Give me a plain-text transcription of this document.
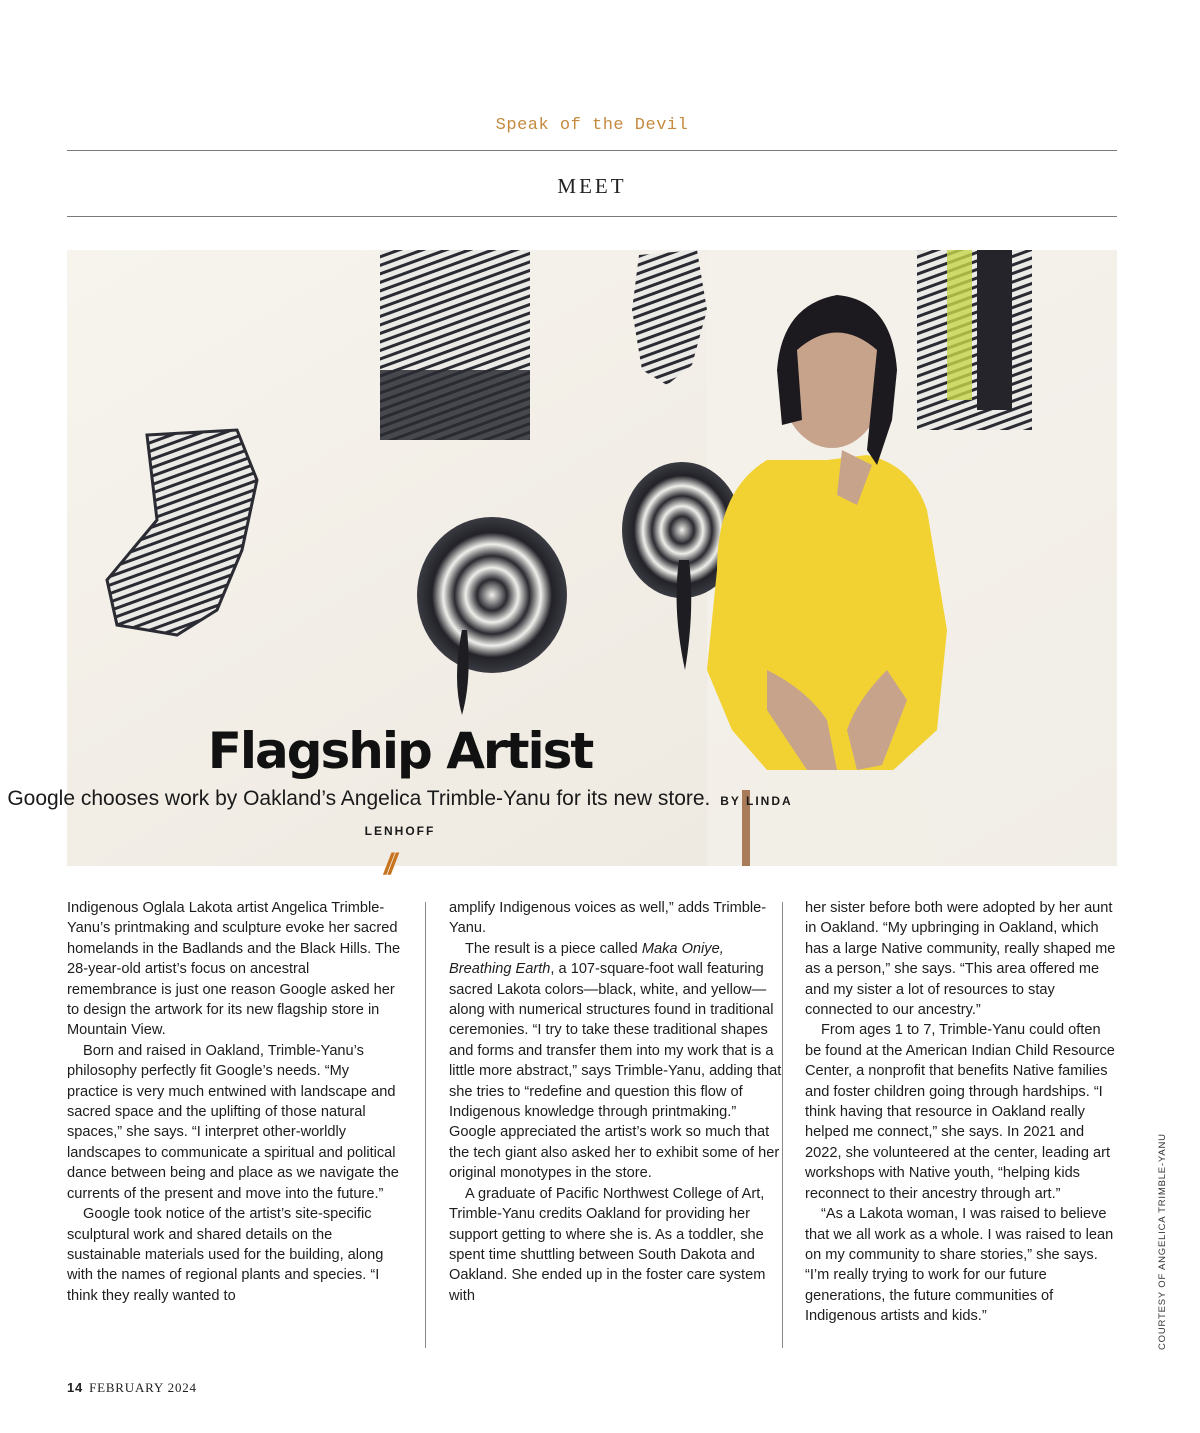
Speak of the Devil
MEET
Flagship Artist
Google chooses work by Oakland’s Angelica Trimble-Yanu for its new store. BY LINDA LENHOFF
//

Indigenous Oglala Lakota artist Angelica Trimble-Yanu’s printmaking and sculpture evoke her sacred homelands in the Badlands and the Black Hills. The 28-year-old artist’s focus on ancestral remembrance is just one reason Google asked her to design the artwork for its new flagship store in Mountain View.

Born and raised in Oakland, Trimble-Yanu’s philosophy perfectly fit Google’s needs. “My practice is very much entwined with landscape and sacred space and the uplifting of those natural spaces,” she says. “I interpret other-worldly landscapes to communicate a spiritual and political dance between being and place as we navigate the currents of the present and move into the future.”

Google took notice of the artist’s site-specific sculptural work and shared details on the sustainable materials used for the building, along with the names of regional plants and species. “I think they really wanted to

amplify Indigenous voices as well,” adds Trimble-Yanu.

The result is a piece called Maka Oniye, Breathing Earth, a 107-square-foot wall featuring sacred Lakota colors—black, white, and yellow—along with numerical structures found in traditional ceremonies. “I try to take these traditional shapes and forms and transfer them into my work that is a little more abstract,” says Trimble-Yanu, adding that she tries to “redefine and question this flow of Indigenous knowledge through printmaking.” Google appreciated the artist’s work so much that the tech giant also asked her to exhibit some of her original monotypes in the store.

A graduate of Pacific Northwest College of Art, Trimble-Yanu credits Oakland for providing her support getting to where she is. As a toddler, she spent time shuttling between South Dakota and Oakland. She ended up in the foster care system with

her sister before both were adopted by her aunt in Oakland. “My upbringing in Oakland, which has a large Native community, really shaped me as a person,” she says. “This area offered me and my sister a lot of resources to stay connected to our ancestry.”

From ages 1 to 7, Trimble-Yanu could often be found at the American Indian Child Resource Center, a nonprofit that benefits Native families and foster children going through hardships. “I think having that resource in Oakland really helped me connect,” she says. In 2021 and 2022, she volunteered at the center, leading art workshops with Native youth, “helping kids reconnect to their ancestry through art.”

“As a Lakota woman, I was raised to believe that we all work as a whole. I was raised to lean on my community to share stories,” she says. “I’m really trying to work for our future generations, the future communities of Indigenous artists and kids.”	COURTESY OF ANGELICA TRIMBLE-YANU
14 FEBRUARY 2024
